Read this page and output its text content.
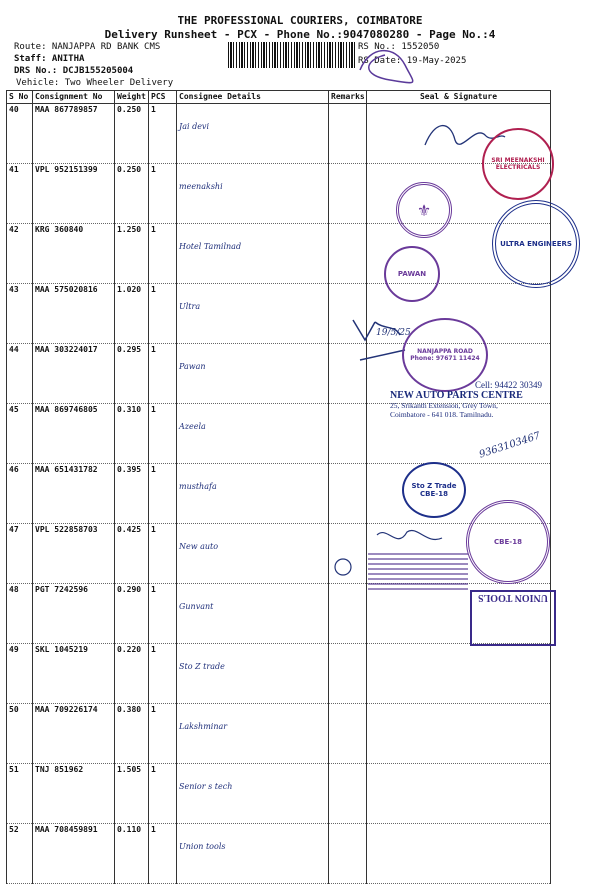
THE PROFESSIONAL COURIERS, COIMBATORE
Delivery Runsheet - PCX - Phone No.:9047080280 - Page No.:4
Route: NANJAPPA RD BANK CMS
Staff: ANITHA
DRS No.: DCJB155205004
Vehicle: Two Wheeler Delivery
RS No.: 1552050
RS Date: 19-May-2025
S No	Consignment No	Weight	PCS	Consignee Details	Remarks	Seal & Signature
40	MAA 867789857	0.250	1	Jai devi		
41	VPL 952151399	0.250	1	meenakshi		
42	KRG 360840	1.250	1	Hotel Tamilnad		
43	MAA 575020816	1.020	1	Ultra		
44	MAA 303224017	0.295	1	Pawan		
45	MAA 869746805	0.310	1	Azeela		
46	MAA 651431782	0.395	1	musthafa		
47	VPL 522858703	0.425	1	New auto		
48	PGT 7242596	0.290	1	Gunvant		
49	SKL 1045219	0.220	1	Sto Z trade		
50	MAA 709226174	0.380	1	Lakshminar		
51	TNJ 851962	1.505	1	Senior s tech		
52	MAA 708459891	0.110	1	Union tools		
SRI MEENAKSHI ELECTRICALS
⚜
ULTRA ENGINEERS
PAWAN
19/5/25
NANJAPPA ROAD
Phone: 97671 11424
Cell: 94422 30349
NEW AUTO PARTS CENTRE
25, Srikanth Extension, Grey Town,
Coimbatore - 641 018. Tamilnadu.
9363103467
Sto Z Trade
CBE-18
CBE-18
UNION TOOLS
